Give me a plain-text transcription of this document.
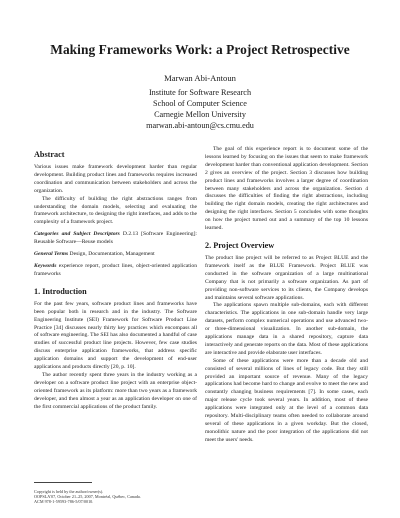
Making Frameworks Work: a Project Retrospective
Marwan Abi-Antoun
Institute for Software Research
School of Computer Science
Carnegie Mellon University
marwan.abi-antoun@cs.cmu.edu
Abstract

Various issues make framework development harder than regular development. Building product lines and frameworks requires increased coordination and communication between stakeholders and across the organization.

The difficulty of building the right abstractions ranges from understanding the domain models, selecting and evaluating the framework architecture, to designing the right interfaces, and adds to the complexity of a framework project.

Categories and Subject Descriptors D.2.13 [Software Engineering]: Reusable Software—Reuse models

General Terms Design, Documentation, Management

Keywords experience report, product lines, object-oriented application frameworks

1. Introduction

For the past few years, software product lines and frameworks have been popular both in research and in the industry. The Software Engineering Institute (SEI) Framework for Software Product Line Practice [34] discusses nearly thirty key practices which encompass all of software engineering. The SEI has also documented a handful of case studies of successful product line projects. However, few case studies discuss enterprise application frameworks, that address specific application domains and support the development of end-user applications and products directly [20, p. 10].

The author recently spent three years in the industry working as a developer on a software product line project with an enterprise object-oriented framework as its platform: more than two years as a framework developer, and then almost a year as an application developer on one of the first commercial applications of the product family.

Copyright is held by the author/owner(s).
OOPSLA'07, October 21–25, 2007, Montréal, Québec, Canada.
ACM 978-1-59593-786-5/07/0010.

The goal of this experience report is to document some of the lessons learned by focusing on the issues that seem to make framework development harder than conventional application development. Section 2 gives an overview of the project. Section 3 discusses how building product lines and frameworks involves a larger degree of coordination between many stakeholders and across the organization. Section 4 discusses the difficulties of finding the right abstractions, including building the right domain models, creating the right architectures and designing the right interfaces. Section 5 concludes with some thoughts on how the project turned out and a summary of the top 10 lessons learned.

2. Project Overview

The product line project will be referred to as Project BLUE and the framework itself as the BLUE Framework. Project BLUE was conducted in the software organization of a large multinational Company that is not primarily a software organization. As part of providing non-software services to its clients, the Company develops and maintains several software applications.

The applications spawn multiple sub-domains, each with different characteristics. The applications in one sub-domain handle very large datasets, perform complex numerical operations and use advanced two- or three-dimensional visualization. In another sub-domain, the applications manage data in a shared repository, capture data interactively and generate reports on the data. Most of these applications are interactive and provide elaborate user interfaces.

Some of these applications were more than a decade old and consisted of several millions of lines of legacy code. But they still provided an important source of revenue. Many of the legacy applications had become hard to change and evolve to meet the new and constantly changing business requirements [7]. In some cases, each major release cycle took several years. In addition, most of these applications were integrated only at the level of a common data repository. Multi-disciplinary teams often needed to collaborate around several of these applications in a given workday. But the closed, monolithic nature and the poor integration of the applications did not meet the users' needs.
